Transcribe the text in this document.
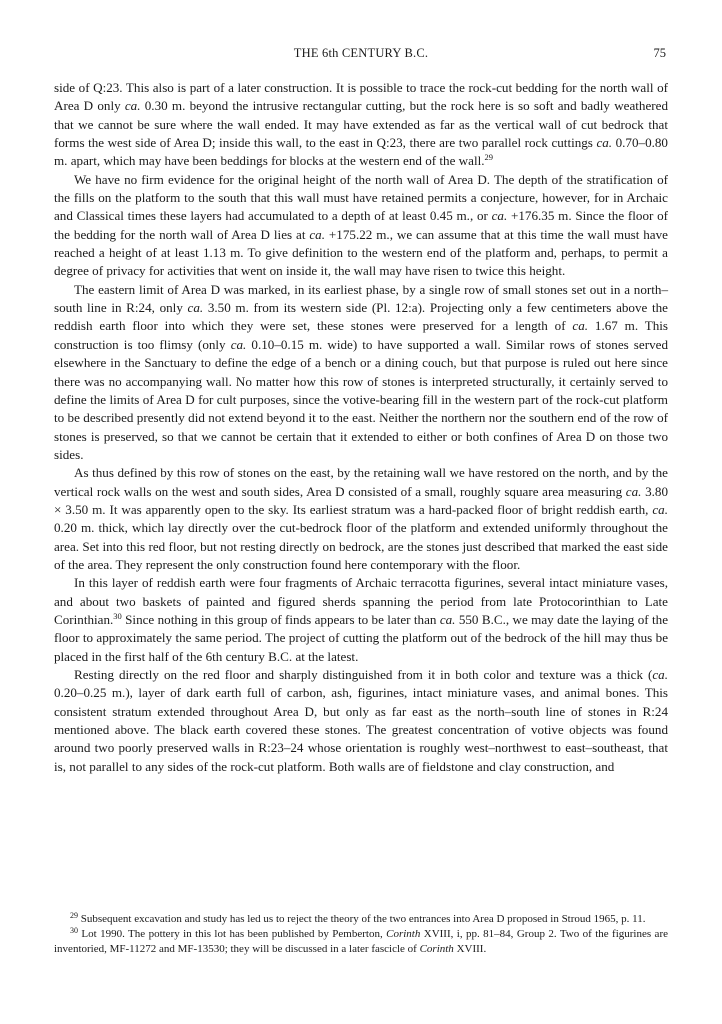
THE 6th CENTURY B.C.	75

side of Q:23. This also is part of a later construction. It is possible to trace the rock-cut bedding for the north wall of Area D only ca. 0.30 m. beyond the intrusive rectangular cutting, but the rock here is so soft and badly weathered that we cannot be sure where the wall ended. It may have extended as far as the vertical wall of cut bedrock that forms the west side of Area D; inside this wall, to the east in Q:23, there are two parallel rock cuttings ca. 0.70–0.80 m. apart, which may have been beddings for blocks at the western end of the wall.$^{29}$

We have no firm evidence for the original height of the north wall of Area D. The depth of the stratification of the fills on the platform to the south that this wall must have retained permits a conjecture, however, for in Archaic and Classical times these layers had accumulated to a depth of at least 0.45 m., or ca. +176.35 m. Since the floor of the bedding for the north wall of Area D lies at ca. +175.22 m., we can assume that at this time the wall must have reached a height of at least 1.13 m. To give definition to the western end of the platform and, perhaps, to permit a degree of privacy for activities that went on inside it, the wall may have risen to twice this height.

The eastern limit of Area D was marked, in its earliest phase, by a single row of small stones set out in a north–south line in R:24, only ca. 3.50 m. from its western side (Pl. 12:a). Projecting only a few centimeters above the reddish earth floor into which they were set, these stones were preserved for a length of ca. 1.67 m. This construction is too flimsy (only ca. 0.10–0.15 m. wide) to have supported a wall. Similar rows of stones served elsewhere in the Sanctuary to define the edge of a bench or a dining couch, but that purpose is ruled out here since there was no accompanying wall. No matter how this row of stones is interpreted structurally, it certainly served to define the limits of Area D for cult purposes, since the votive-bearing fill in the western part of the rock-cut platform to be described presently did not extend beyond it to the east. Neither the northern nor the southern end of the row of stones is preserved, so that we cannot be certain that it extended to either or both confines of Area D on those two sides.

As thus defined by this row of stones on the east, by the retaining wall we have restored on the north, and by the vertical rock walls on the west and south sides, Area D consisted of a small, roughly square area measuring ca. 3.80 × 3.50 m. It was apparently open to the sky. Its earliest stratum was a hard-packed floor of bright reddish earth, ca. 0.20 m. thick, which lay directly over the cut-bedrock floor of the platform and extended uniformly throughout the area. Set into this red floor, but not resting directly on bedrock, are the stones just described that marked the east side of the area. They represent the only construction found here contemporary with the floor.

In this layer of reddish earth were four fragments of Archaic terracotta figurines, several intact miniature vases, and about two baskets of painted and figured sherds spanning the period from late Protocorinthian to Late Corinthian.$^{30}$ Since nothing in this group of finds appears to be later than ca. 550 B.C., we may date the laying of the floor to approximately the same period. The project of cutting the platform out of the bedrock of the hill may thus be placed in the first half of the 6th century B.C. at the latest.

Resting directly on the red floor and sharply distinguished from it in both color and texture was a thick (ca. 0.20–0.25 m.), layer of dark earth full of carbon, ash, figurines, intact miniature vases, and animal bones. This consistent stratum extended throughout Area D, but only as far east as the north–south line of stones in R:24 mentioned above. The black earth covered these stones. The greatest concentration of votive objects was found around two poorly preserved walls in R:23–24 whose orientation is roughly west–northwest to east–southeast, that is, not parallel to any sides of the rock-cut platform. Both walls are of fieldstone and clay construction, and

$^{29}$ Subsequent excavation and study has led us to reject the theory of the two entrances into Area D proposed in Stroud 1965, p. 11.

$^{30}$ Lot 1990. The pottery in this lot has been published by Pemberton, Corinth XVIII, i, pp. 81–84, Group 2. Two of the figurines are inventoried, MF-11272 and MF-13530; they will be discussed in a later fascicle of Corinth XVIII.
